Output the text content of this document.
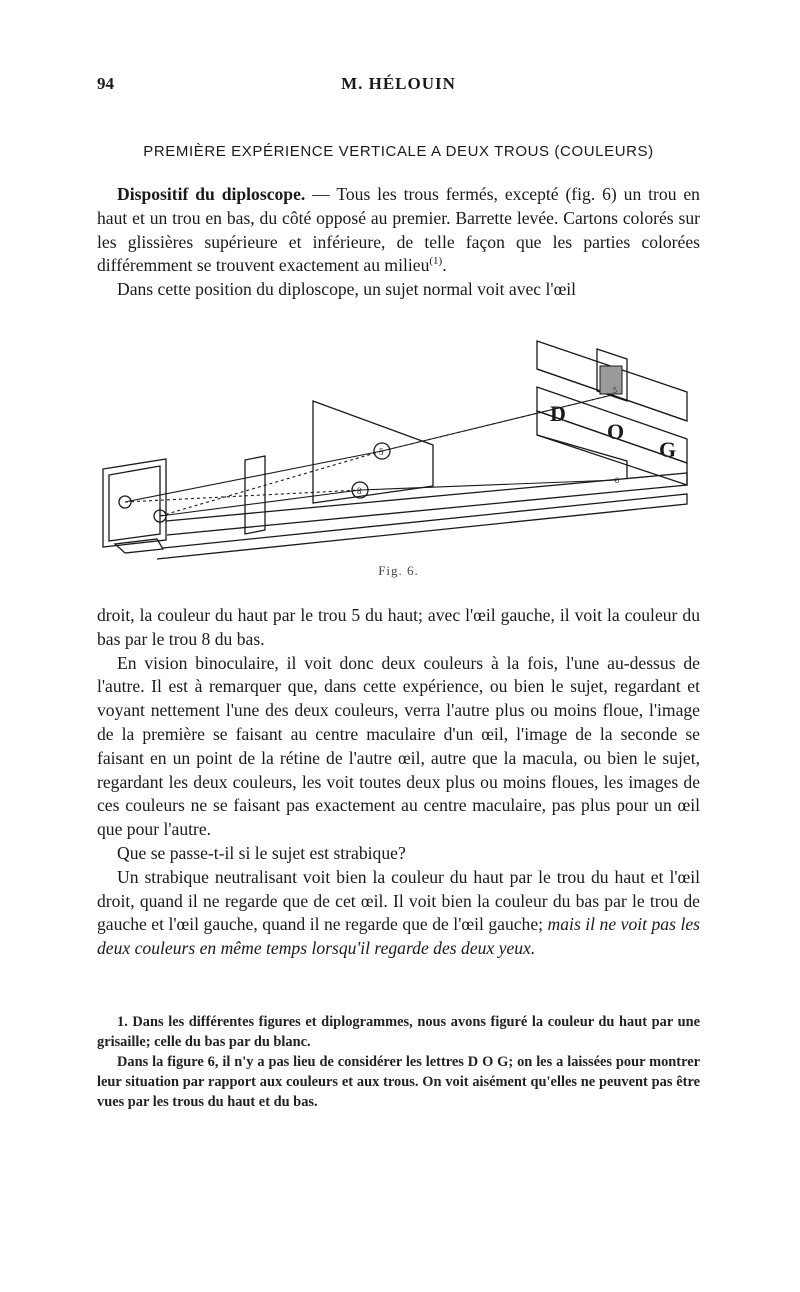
94	M. HÉLOUIN
PREMIÈRE EXPÉRIENCE VERTICALE A DEUX TROUS (COULEURS)

Dispositif du diploscope. — Tous les trous fermés, excepté (fig. 6) un trou en haut et un trou en bas, du côté opposé au premier. Barrette levée. Cartons colorés sur les glissières supérieure et inférieure, de telle façon que les parties colorées différemment se trouvent exactement au milieu$^{(1)}$.

Dans cette position du diploscope, un sujet normal voit avec l'œil

D
O
G
5
8
5
8
Fig. 6.

droit, la couleur du haut par le trou 5 du haut; avec l'œil gauche, il voit la couleur du bas par le trou 8 du bas.

En vision binoculaire, il voit donc deux couleurs à la fois, l'une au-dessus de l'autre. Il est à remarquer que, dans cette expérience, ou bien le sujet, regardant et voyant nettement l'une des deux couleurs, verra l'autre plus ou moins floue, l'image de la première se faisant au centre maculaire d'un œil, l'image de la seconde se faisant en un point de la rétine de l'autre œil, autre que la macula, ou bien le sujet, regardant les deux couleurs, les voit toutes deux plus ou moins floues, les images de ces couleurs ne se faisant pas exactement au centre maculaire, pas plus pour un œil que pour l'autre.

Que se passe-t-il si le sujet est strabique?

Un strabique neutralisant voit bien la couleur du haut par le trou du haut et l'œil droit, quand il ne regarde que de cet œil. Il voit bien la couleur du bas par le trou de gauche et l'œil gauche, quand il ne regarde que de l'œil gauche; mais il ne voit pas les deux couleurs en même temps lorsqu'il regarde des deux yeux.

1. Dans les différentes figures et diplogrammes, nous avons figuré la couleur du haut par une grisaille; celle du bas par du blanc.

Dans la figure 6, il n'y a pas lieu de considérer les lettres D O G; on les a laissées pour montrer leur situation par rapport aux couleurs et aux trous. On voit aisément qu'elles ne peuvent pas être vues par les trous du haut et du bas.
